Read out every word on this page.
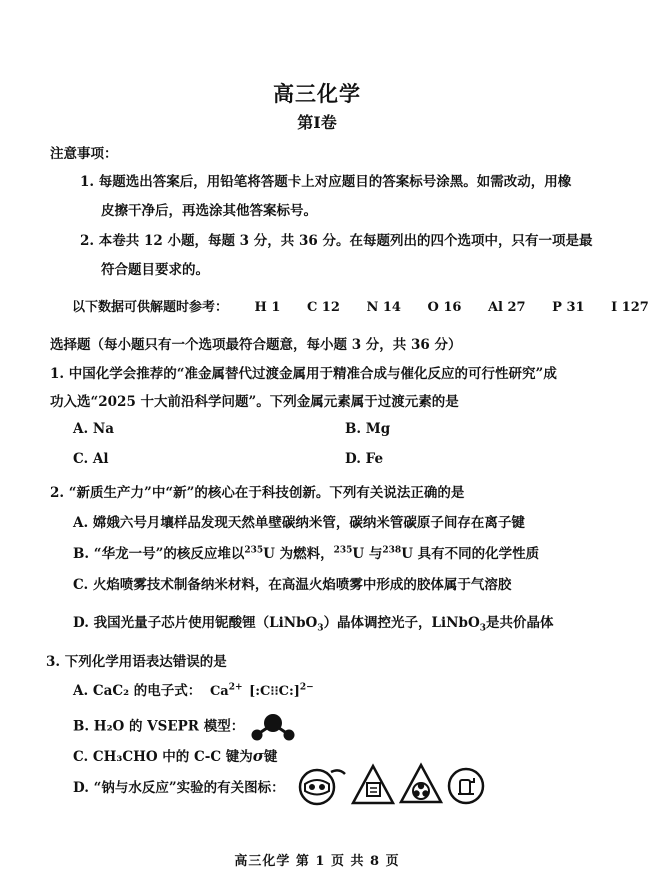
高三化学
第I卷
注意事项：
1. 每题选出答案后，用铅笔将答题卡上对应题目的答案标号涂黑。如需改动，用橡
皮擦干净后，再选涂其他答案标号。
2. 本卷共 12 小题，每题 3 分，共 36 分。在每题列出的四个选项中，只有一项是最
符合题目要求的。
以下数据可供解题时参考： H 1 C 12 N 14 O 16 Al 27 P 31 I 127
选择题（每小题只有一个选项最符合题意，每小题 3 分，共 36 分）
1. 中国化学会推荐的“准金属替代过渡金属用于精准合成与催化反应的可行性研究”成
功入选“2025 十大前沿科学问题”。下列金属元素属于过渡元素的是
A. Na	B. Mg
C. Al	D. Fe
2. “新质生产力”中“新”的核心在于科技创新。下列有关说法正确的是
A. 嫦娥六号月壤样品发现天然单壁碳纳米管，碳纳米管碳原子间存在离子键
B. “华龙一号”的核反应堆以$^{235}$U 为燃料，$^{235}$U 与$^{238}$U 具有不同的化学性质
C. 火焰喷雾技术制备纳米材料，在高温火焰喷雾中形成的胶体属于气溶胶
D. 我国光量子芯片使用铌酸锂（LiNbO$_3$）晶体调控光子，LiNbO$_3$是共价晶体
3. 下列化学用语表达错误的是
A. CaC₂ 的电子式： $Ca^{2+}$ [:C⁝⁝C:]$^{2-}$
B. H₂O 的 VSEPR 模型：
C. CH₃CHO 中的 C-C 键为σ键
D. “钠与水反应”实验的有关图标：
高三化学 第 1 页 共 8 页
